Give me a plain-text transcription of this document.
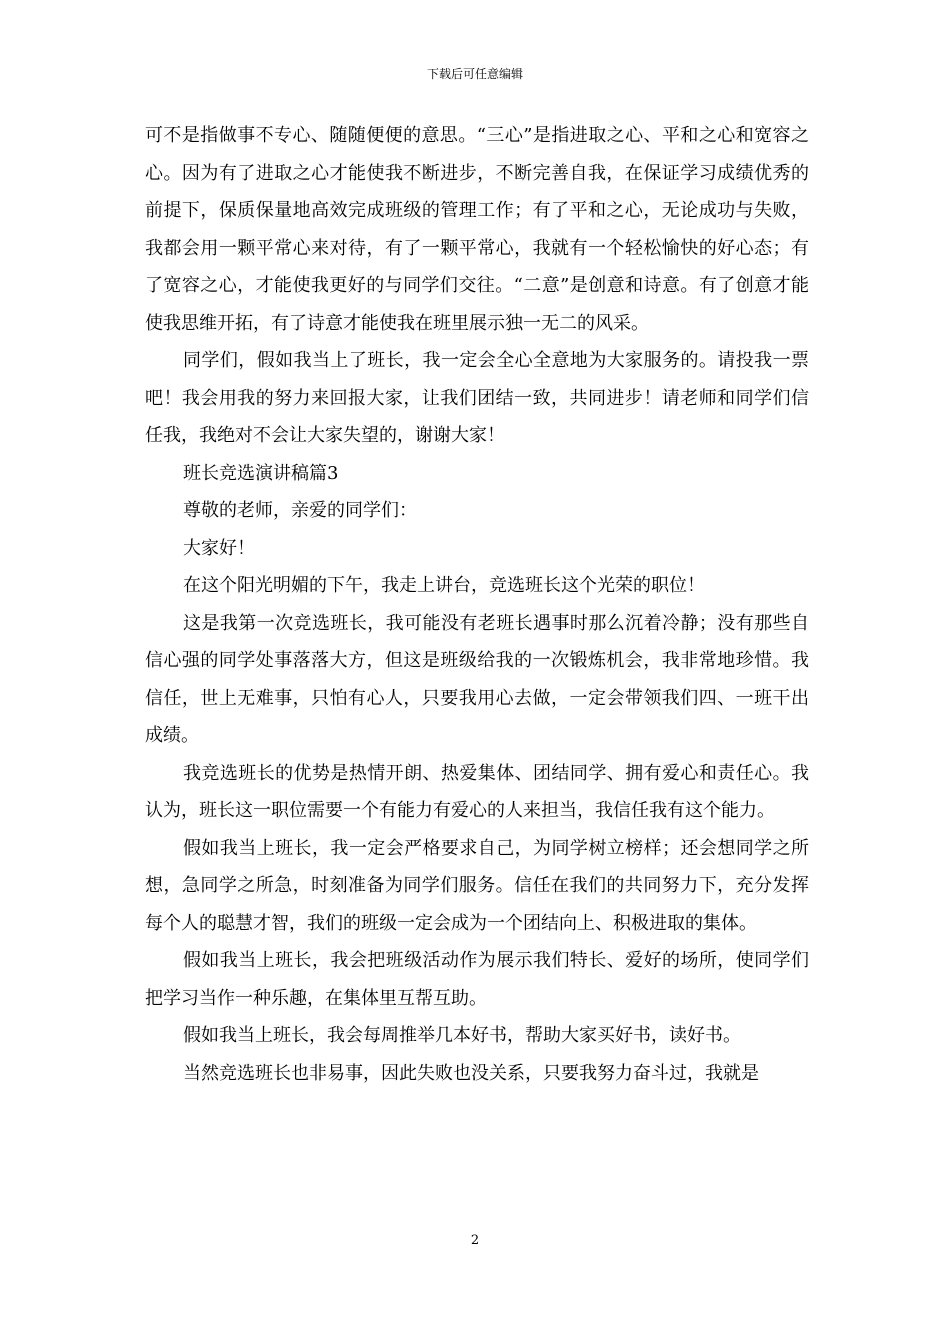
下载后可任意编辑

可不是指做事不专心、随随便便的意思。“三心”是指进取之心、平和之心和宽容之心。因为有了进取之心才能使我不断进步，不断完善自我，在保证学习成绩优秀的前提下，保质保量地高效完成班级的管理工作；有了平和之心，无论成功与失败，我都会用一颗平常心来对待，有了一颗平常心，我就有一个轻松愉快的好心态；有了宽容之心，才能使我更好的与同学们交往。“二意”是创意和诗意。有了创意才能使我思维开拓，有了诗意才能使我在班里展示独一无二的风采。

同学们，假如我当上了班长，我一定会全心全意地为大家服务的。请投我一票吧！我会用我的努力来回报大家，让我们团结一致，共同进步！请老师和同学们信任我，我绝对不会让大家失望的，谢谢大家！

班长竞选演讲稿篇3

尊敬的老师，亲爱的同学们：

大家好！

在这个阳光明媚的下午，我走上讲台，竞选班长这个光荣的职位！

这是我第一次竞选班长，我可能没有老班长遇事时那么沉着冷静；没有那些自信心强的同学处事落落大方，但这是班级给我的一次锻炼机会，我非常地珍惜。我信任，世上无难事，只怕有心人，只要我用心去做，一定会带领我们四、一班干出成绩。

我竞选班长的优势是热情开朗、热爱集体、团结同学、拥有爱心和责任心。我认为，班长这一职位需要一个有能力有爱心的人来担当，我信任我有这个能力。

假如我当上班长，我一定会严格要求自己，为同学树立榜样；还会想同学之所想，急同学之所急，时刻准备为同学们服务。信任在我们的共同努力下，充分发挥每个人的聪慧才智，我们的班级一定会成为一个团结向上、积极进取的集体。

假如我当上班长，我会把班级活动作为展示我们特长、爱好的场所，使同学们把学习当作一种乐趣，在集体里互帮互助。

假如我当上班长，我会每周推举几本好书，帮助大家买好书，读好书。

当然竞选班长也非易事，因此失败也没关系，只要我努力奋斗过，我就是

2
